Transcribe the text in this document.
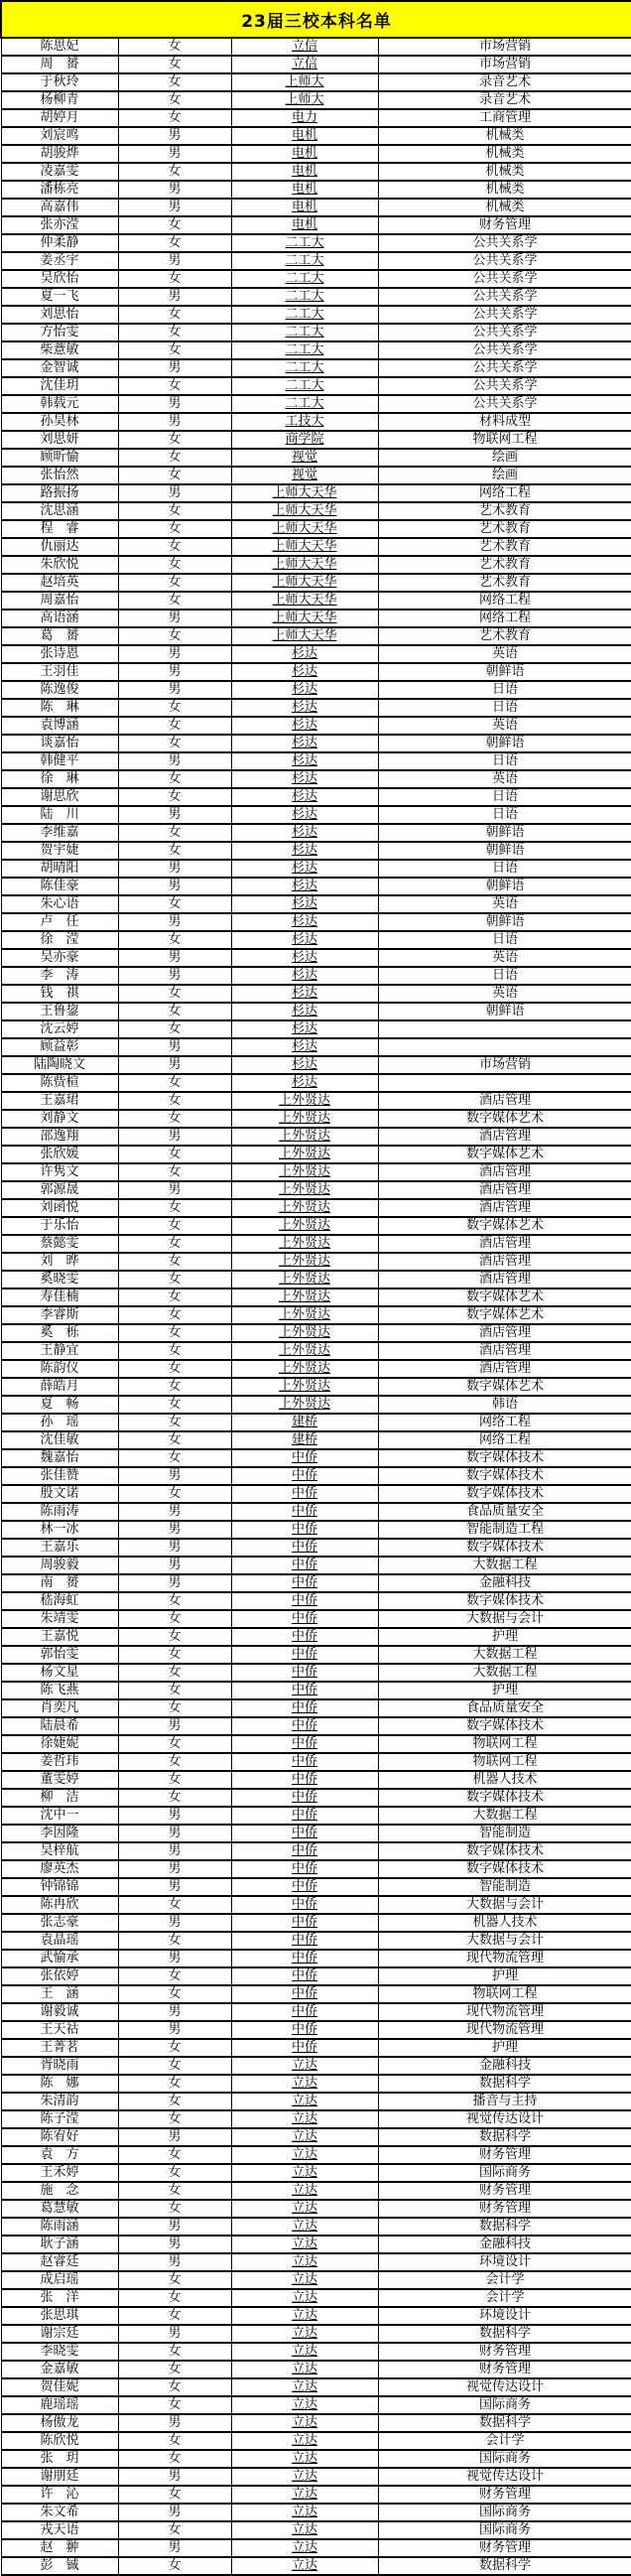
23届三校本科名单			
陈思妃	女	立信	市场营销
周　赟	女	立信	市场营销
于秋玲	女	上师大	录音艺术
杨柳青	女	上师大	录音艺术
胡婷月	女	电力	工商管理
刘宸鸣	男	电机	机械类
胡骏烨	男	电机	机械类
凌嘉雯	女	电机	机械类
潘栋亮	男	电机	机械类
高嘉伟	男	电机	机械类
张亦滢	女	电机	财务管理
仲柔静	女	二工大	公共关系学
姜丞宇	男	二工大	公共关系学
吴欣怡	女	二工大	公共关系学
夏一飞	男	二工大	公共关系学
刘思怡	女	二工大	公共关系学
方怡雯	女	二工大	公共关系学
柴薏敏	女	二工大	公共关系学
金智诚	男	二工大	公共关系学
沈佳玥	女	二工大	公共关系学
韩载元	男	二工大	公共关系学
孙昊林	男	工技大	材料成型
刘思妍	女	商学院	物联网工程
顾昕愉	女	视觉	绘画
张怡然	女	视觉	绘画
路振扬	男	上师大天华	网络工程
沈思涵	女	上师大天华	艺术教育
程　睿	女	上师大天华	艺术教育
仇丽达	女	上师大天华	艺术教育
朱欣悦	女	上师大天华	艺术教育
赵培英	女	上师大天华	艺术教育
周嘉怡	女	上师大天华	网络工程
高语涵	男	上师大天华	网络工程
葛　赟	女	上师大天华	艺术教育
张诗恩	男	杉达	英语
王羽佳	男	杉达	朝鲜语
陈逸俊	男	杉达	日语
陈　琳	女	杉达	日语
袁博涵	女	杉达	英语
谈嘉怡	女	杉达	朝鲜语
韩健平	男	杉达	日语
徐　琳	女	杉达	英语
谢思欣	女	杉达	日语
陆　川	男	杉达	日语
李维嘉	女	杉达	朝鲜语
贺宇婕	女	杉达	朝鲜语
胡晴阳	男	杉达	日语
陈佳豪	男	杉达	朝鲜语
朱心语	女	杉达	英语
卢　任	男	杉达	朝鲜语
徐　滢	女	杉达	日语
吴亦豪	男	杉达	英语
李　涛	男	杉达	日语
钱　祺	女	杉达	英语
王鲁鋆	女	杉达	朝鲜语
沈云婷	女	杉达	
顾益彰	男	杉达	
陆陶晓文	男	杉达	市场营销
陈赀楦	女	杉达	
王嘉珺	女	上外贤达	酒店管理
刘静文	女	上外贤达	数字媒体艺术
邵逸翔	男	上外贤达	酒店管理
张欣媛	女	上外贤达	数字媒体艺术
许隽文	女	上外贤达	酒店管理
郭源晟	男	上外贤达	酒店管理
刘函悦	女	上外贤达	酒店管理
于乐怡	女	上外贤达	数字媒体艺术
蔡懿雯	女	上外贤达	酒店管理
刘　晔	女	上外贤达	酒店管理
奚晓雯	女	上外贤达	酒店管理
寿佳楠	女	上外贤达	数字媒体艺术
李睿斯	女	上外贤达	数字媒体艺术
奚　栎	女	上外贤达	酒店管理
王静宜	女	上外贤达	酒店管理
陈韵仪	女	上外贤达	酒店管理
薛皓月	女	上外贤达	数字媒体艺术
夏　畅	女	上外贤达	韩语
孙　瑶	女	建桥	网络工程
沈佳敏	女	建桥	网络工程
魏嘉怡	女	中侨	数字媒体技术
张佳赞	男	中侨	数字媒体技术
殷文诺	女	中侨	数字媒体技术
陈雨涛	男	中侨	食品质量安全
林一冰	男	中侨	智能制造工程
王嘉乐	男	中侨	数字媒体技术
周骏毅	男	中侨	大数据工程
南　赟	男	中侨	金融科技
嵇海虹	女	中侨	数字媒体技术
朱靖雯	女	中侨	大数据与会计
王嘉悦	女	中侨	护理
郭怡雯	女	中侨	大数据工程
杨文星	女	中侨	大数据工程
陈飞燕	女	中侨	护理
肖奕凡	女	中侨	食品质量安全
陆晨希	男	中侨	数字媒体技术
徐婕妮	女	中侨	物联网工程
姜哲玮	女	中侨	物联网工程
董雯婷	女	中侨	机器人技术
柳　洁	女	中侨	数字媒体技术
沈中一	男	中侨	大数据工程
李因隆	男	中侨	智能制造
吴梓航	男	中侨	数字媒体技术
廖英杰	男	中侨	数字媒体技术
钟锦锦	男	中侨	智能制造
陈冉欣	女	中侨	大数据与会计
张志豪	男	中侨	机器人技术
袁晶瑶	女	中侨	大数据与会计
武愉承	男	中侨	现代物流管理
张依婷	女	中侨	护理
王　涵	女	中侨	物联网工程
谢毅诚	男	中侨	现代物流管理
王天祜	男	中侨	现代物流管理
王菁茗	女	中侨	护理
胥晓雨	女	立达	金融科技
陈　娜	女	立达	数据科学
朱清韵	女	立达	播音与主持
陈子滢	女	立达	视觉传达设计
陈宥好	男	立达	数据科学
袁　方	女	立达	财务管理
王禾婷	女	立达	国际商务
施　念	女	立达	财务管理
葛慧敏	女	立达	财务管理
陈雨涵	男	立达	数据科学
耿子涵	男	立达	金融科技
赵睿廷	男	立达	环境设计
成启瑶	女	立达	会计学
张　洋	女	立达	会计学
张思琪	女	立达	环境设计
谢宗廷	男	立达	数据科学
李晓雯	女	立达	财务管理
金嘉敏	女	立达	财务管理
贺佳妮	女	立达	视觉传达设计
鹿瑶瑶	女	立达	国际商务
杨傲龙	男	立达	数据科学
陈欣悦	女	立达	会计学
张　玥	女	立达	国际商务
谢朋廷	男	立达	视觉传达设计
许　沁	女	立达	财务管理
朱文希	男	立达	国际商务
戎天语	女	立达	国际商务
赵　翀	男	立达	财务管理
彭　铖	女	立达	数据科学
